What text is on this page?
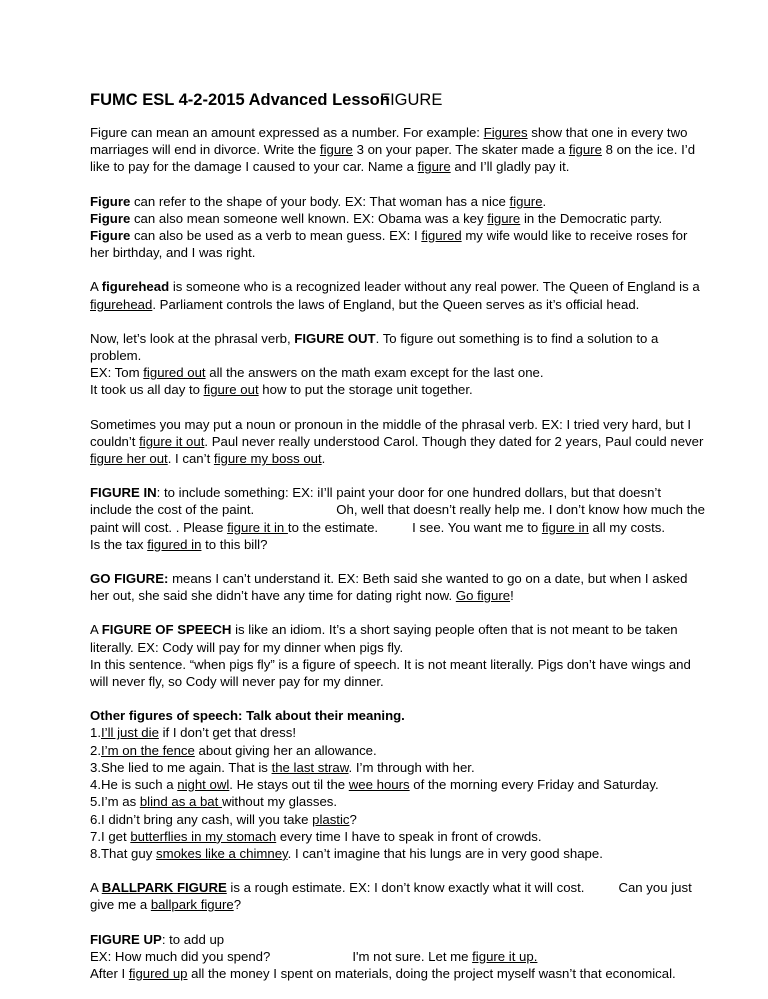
FUMC ESL 4-2-2015 Advanced Lesson
FIGURE

Figure can mean an amount expressed as a number. For example: Figures show that one in every two
marriages will end in divorce. Write the figure 3 on your paper. The skater made a figure 8 on the ice. I’d
like to pay for the damage I caused to your car. Name a figure and I’ll gladly pay it.

Figure can refer to the shape of your body. EX: That woman has a nice figure.
Figure can also mean someone well known. EX: Obama was a key figure in the Democratic party.
Figure can also be used as a verb to mean guess. EX: I figured my wife would like to receive roses for
her birthday, and I was right.

A figurehead is someone who is a recognized leader without any real power. The Queen of England is a
figurehead. Parliament controls the laws of England, but the Queen serves as it’s official head.

Now, let’s look at the phrasal verb, FIGURE OUT. To figure out something is to find a solution to a
problem.
EX: Tom figured out all the answers on the math exam except for the last one.
It took us all day to figure out how to put the storage unit together.

Sometimes you may put a noun or pronoun in the middle of the phrasal verb. EX: I tried very hard, but I
couldn’t figure it out. Paul never really understood Carol. Though they dated for 2 years, Paul could never
figure her out. I can’t figure my boss out.

FIGURE IN: to include something: EX: iI’ll paint your door for one hundred dollars, but that doesn’t
include the cost of the paint.	Oh, well that doesn’t really help me. I don’t know how much the
paint will cost. . Please figure it in to the estimate.	I see. You want me to figure in all my costs.
Is the tax figured in to this bill?

GO FIGURE: means I can’t understand it. EX: Beth said she wanted to go on a date, but when I asked
her out, she said she didn’t have any time for dating right now. Go figure!

A FIGURE OF SPEECH is like an idiom. It’s a short saying people often that is not meant to be taken
literally. EX: Cody will pay for my dinner when pigs fly.
In this sentence. “when pigs fly” is a figure of speech. It is not meant literally. Pigs don’t have wings and
will never fly, so Cody will never pay for my dinner.

Other figures of speech: Talk about their meaning.
1.I’ll just die if I don’t get that dress!
2.I’m on the fence about giving her an allowance.
3.She lied to me again. That is the last straw. I’m through with her.
4.He is such a night owl. He stays out til the wee hours of the morning every Friday and Saturday.
5.I’m as blind as a bat without my glasses.
6.I didn’t bring any cash, will you take plastic?
7.I get butterflies in my stomach every time I have to speak in front of crowds.
8.That guy smokes like a chimney. I can’t imagine that his lungs are in very good shape.

A BALLPARK FIGURE is a rough estimate. EX: I don’t know exactly what it will cost.	Can you just
give me a ballpark figure?

FIGURE UP: to add up
EX: How much did you spend?	I'm not sure. Let me figure it up.
After I figured up all the money I spent on materials, doing the project myself wasn’t that economical.
